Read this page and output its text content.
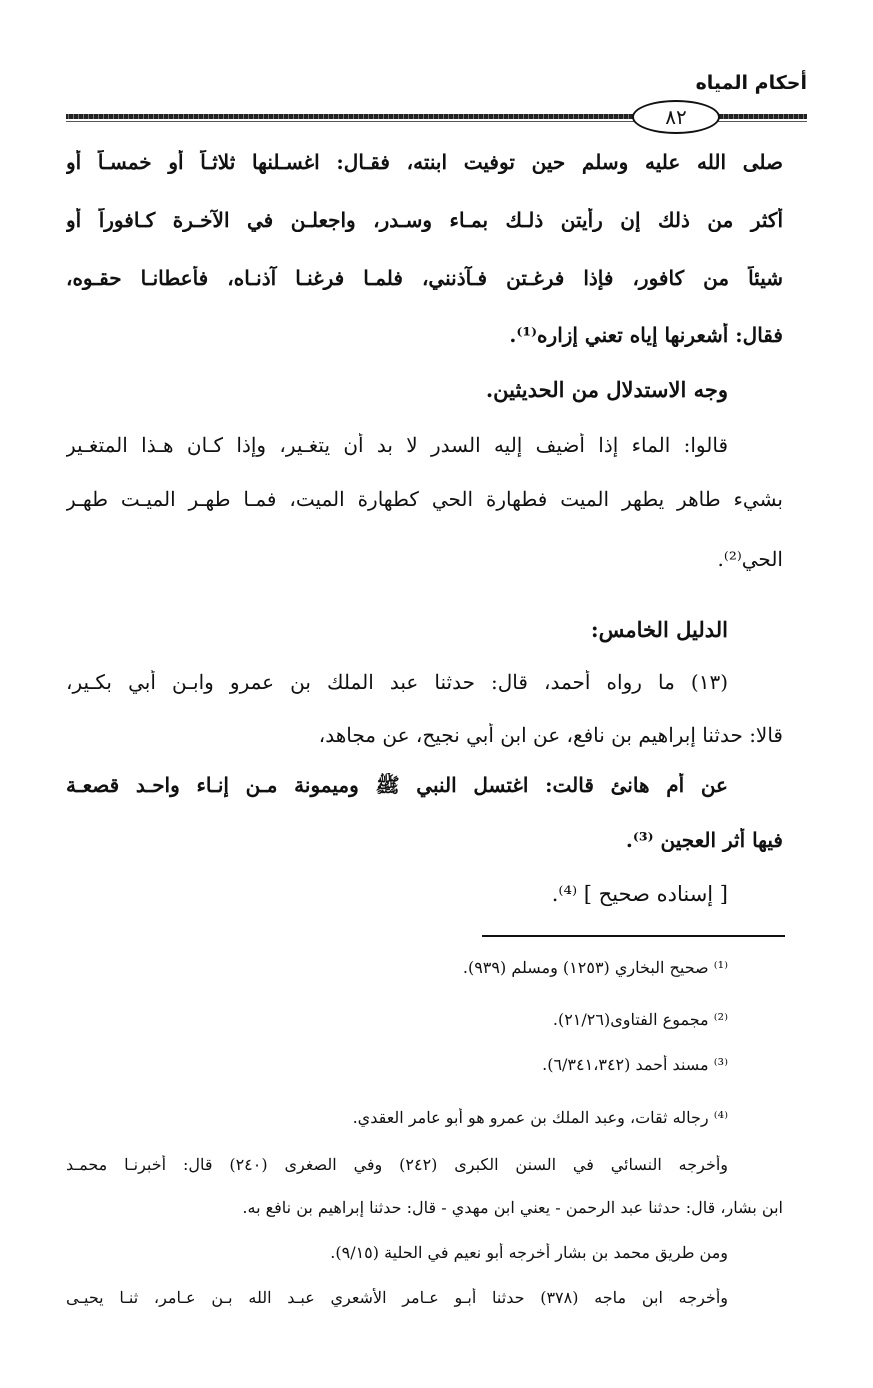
أحكام المياه
٨٢
صلى الله عليه وسلم حين توفيت ابنته، فقـال: اغسـلنها ثلاثـاً أو خمسـاً أو
أكثر من ذلك إن رأيتن ذلـك بمـاء وسـدر، واجعلـن في الآخـرة كـافوراً أو
شيئاً من كافور، فإذا فرغـتن فـآذنني، فلمـا فرغنـا آذنـاه، فأعطانـا حقـوه،
فقال: أشعرنها إياه تعني إزاره⁽¹⁾.
وجه الاستدلال من الحديثين.
قالوا: الماء إذا أضيف إليه السدر لا بد أن يتغـير، وإذا كـان هـذا المتغـير
بشيء طاهر يطهر الميت فطهارة الحي كطهارة الميت، فمـا طهـر الميـت طهـر
الحي⁽²⁾.
الدليل الخامس:
(١٣) ما رواه أحمد، قال: حدثنا عبد الملك بن عمرو وابـن أبي بكـير،
قالا: حدثنا إبراهيم بن نافع، عن ابن أبي نجيح، عن مجاهد،
عن أم هانئ قالت: اغتسل النبي ﷺ وميمونة مـن إنـاء واحـد قصعـة
فيها أثر العجين ⁽³⁾.
[ إسناده صحيح ] ⁽⁴⁾.
⁽¹⁾ صحيح البخاري (١٢٥٣) ومسلم (٩٣٩).
⁽²⁾ مجموع الفتاوى(٢١/٢٦).
⁽³⁾ مسند أحمد (٦/٣٤١،٣٤٢).
⁽⁴⁾ رجاله ثقات، وعبد الملك بن عمرو هو أبو عامر العقدي.
وأخرجه النسائي في السنن الكبرى (٢٤٢) وفي الصغرى (٢٤٠) قال: أخبرنـا محمـد
ابن بشار، قال: حدثنا عبد الرحمن - يعني ابن مهدي - قال: حدثنا إبراهيم بن نافع به.
ومن طريق محمد بن بشار أخرجه أبو نعيم في الحلية (٩/١٥).
وأخرجه ابن ماجه (٣٧٨) حدثنا أبـو عـامر الأشعري عبـد الله بـن عـامر، ثنـا يحيـى
